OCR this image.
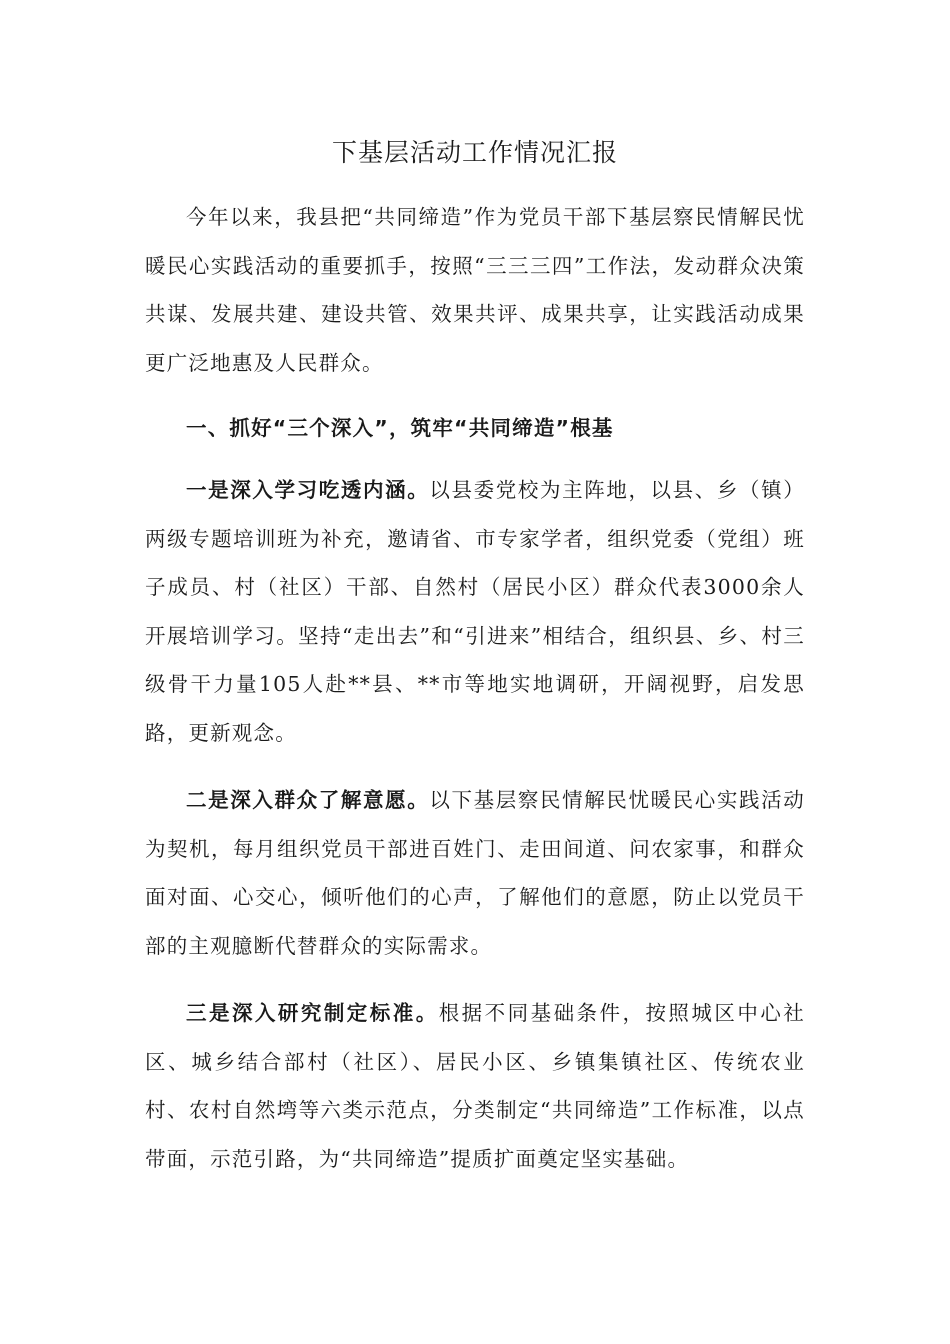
下基层活动工作情况汇报

今年以来，我县把“共同缔造”作为党员干部下基层察民情解民忧暖民心实践活动的重要抓手，按照“三三三四”工作法，发动群众决策共谋、发展共建、建设共管、效果共评、成果共享，让实践活动成果更广泛地惠及人民群众。

一、抓好“三个深入”，筑牢“共同缔造”根基

一是深入学习吃透内涵。以县委党校为主阵地，以县、乡（镇）两级专题培训班为补充，邀请省、市专家学者，组织党委（党组）班子成员、村（社区）干部、自然村（居民小区）群众代表3000余人开展培训学习。坚持“走出去”和“引进来”相结合，组织县、乡、村三级骨干力量105人赴**县、**市等地实地调研，开阔视野，启发思路，更新观念。

二是深入群众了解意愿。以下基层察民情解民忧暖民心实践活动为契机，每月组织党员干部进百姓门、走田间道、问农家事，和群众面对面、心交心，倾听他们的心声，了解他们的意愿，防止以党员干部的主观臆断代替群众的实际需求。

三是深入研究制定标准。根据不同基础条件，按照城区中心社区、城乡结合部村（社区）、居民小区、乡镇集镇社区、传统农业村、农村自然塆等六类示范点，分类制定“共同缔造”工作标准，以点带面，示范引路，为“共同缔造”提质扩面奠定坚实基础。
